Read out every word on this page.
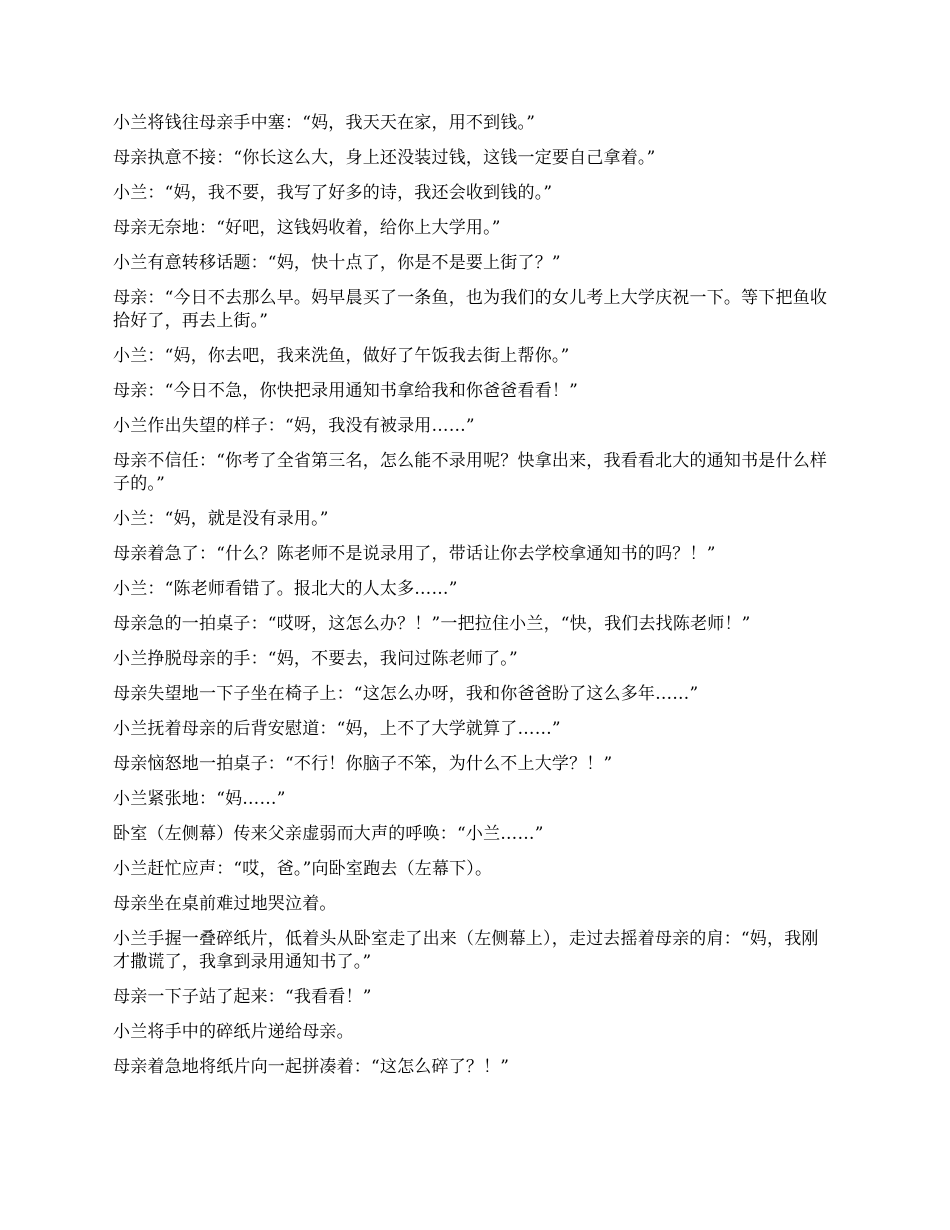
小兰将钱往母亲手中塞：“妈，我天天在家，用不到钱。”

母亲执意不接：“你长这么大，身上还没装过钱，这钱一定要自己拿着。”

小兰：“妈，我不要，我写了好多的诗，我还会收到钱的。”

母亲无奈地：“好吧，这钱妈收着，给你上大学用。”

小兰有意转移话题：“妈，快十点了，你是不是要上街了？”

母亲：“今日不去那么早。妈早晨买了一条鱼，也为我们的女儿考上大学庆祝一下。等下把鱼收拾好了，再去上街。”

小兰：“妈，你去吧，我来洗鱼，做好了午饭我去街上帮你。”

母亲：“今日不急，你快把录用通知书拿给我和你爸爸看看！”

小兰作出失望的样子：“妈，我没有被录用……”

母亲不信任：“你考了全省第三名，怎么能不录用呢？快拿出来，我看看北大的通知书是什么样子的。”

小兰：“妈，就是没有录用。”

母亲着急了：“什么？陈老师不是说录用了，带话让你去学校拿通知书的吗？！”

小兰：“陈老师看错了。报北大的人太多……”

母亲急的一拍桌子：“哎呀，这怎么办？！”一把拉住小兰，“快，我们去找陈老师！”

小兰挣脱母亲的手：“妈，不要去，我问过陈老师了。”

母亲失望地一下子坐在椅子上：“这怎么办呀，我和你爸爸盼了这么多年……”

小兰抚着母亲的后背安慰道：“妈，上不了大学就算了……”

母亲恼怒地一拍桌子：“不行！你脑子不笨，为什么不上大学？！”

小兰紧张地：“妈……”

卧室（左侧幕）传来父亲虚弱而大声的呼唤：“小兰……”

小兰赶忙应声：“哎，爸。”向卧室跑去（左幕下）。

母亲坐在桌前难过地哭泣着。

小兰手握一叠碎纸片，低着头从卧室走了出来（左侧幕上），走过去摇着母亲的肩：“妈，我刚才撒谎了，我拿到录用通知书了。”

母亲一下子站了起来：“我看看！”

小兰将手中的碎纸片递给母亲。

母亲着急地将纸片向一起拼凑着：“这怎么碎了？！”
